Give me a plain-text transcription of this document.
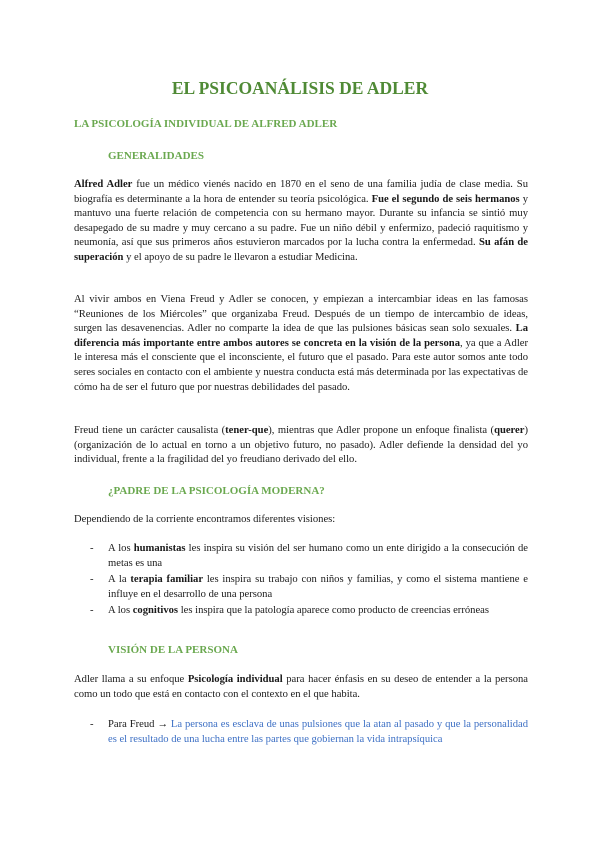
EL PSICOANÁLISIS DE ADLER
LA PSICOLOGÍA INDIVIDUAL DE ALFRED ADLER
GENERALIDADES

Alfred Adler fue un médico vienés nacido en 1870 en el seno de una familia judía de clase media. Su biografía es determinante a la hora de entender su teoría psicológica. Fue el segundo de seis hermanos y mantuvo una fuerte relación de competencia con su hermano mayor. Durante su infancia se sintió muy desapegado de su madre y muy cercano a su padre. Fue un niño débil y enfermizo, padeció raquitismo y neumonía, así que sus primeros años estuvieron marcados por la lucha contra la enfermedad. Su afán de superación y el apoyo de su padre le llevaron a estudiar Medicina.

Al vivir ambos en Viena Freud y Adler se conocen, y empiezan a intercambiar ideas en las famosas “Reuniones de los Miércoles” que organizaba Freud. Después de un tiempo de intercambio de ideas, surgen las desavenencias. Adler no comparte la idea de que las pulsiones básicas sean solo sexuales. La diferencia más importante entre ambos autores se concreta en la visión de la persona, ya que a Adler le interesa más el consciente que el inconsciente, el futuro que el pasado. Para este autor somos ante todo seres sociales en contacto con el ambiente y nuestra conducta está más determinada por las expectativas de cómo ha de ser el futuro que por nuestras debilidades del pasado.

Freud tiene un carácter causalista (tener-que), mientras que Adler propone un enfoque finalista (querer) (organización de lo actual en torno a un objetivo futuro, no pasado). Adler defiende la densidad del yo individual, frente a la fragilidad del yo freudiano derivado del ello.

¿PADRE DE LA PSICOLOGÍA MODERNA?

Dependiendo de la corriente encontramos diferentes visiones:

- A los humanistas les inspira su visión del ser humano como un ente dirigido a la consecución de metas es una
- A la terapia familiar les inspira su trabajo con niños y familias, y como el sistema mantiene e influye en el desarrollo de una persona
- A los cognitivos les inspira que la patología aparece como producto de creencias erróneas
VISIÓN DE LA PERSONA

Adler llama a su enfoque Psicología individual para hacer énfasis en su deseo de entender a la persona como un todo que está en contacto con el contexto en el que habita.

- Para Freud → La persona es esclava de unas pulsiones que la atan al pasado y que la personalidad es el resultado de una lucha entre las partes que gobiernan la vida intrapsíquica
